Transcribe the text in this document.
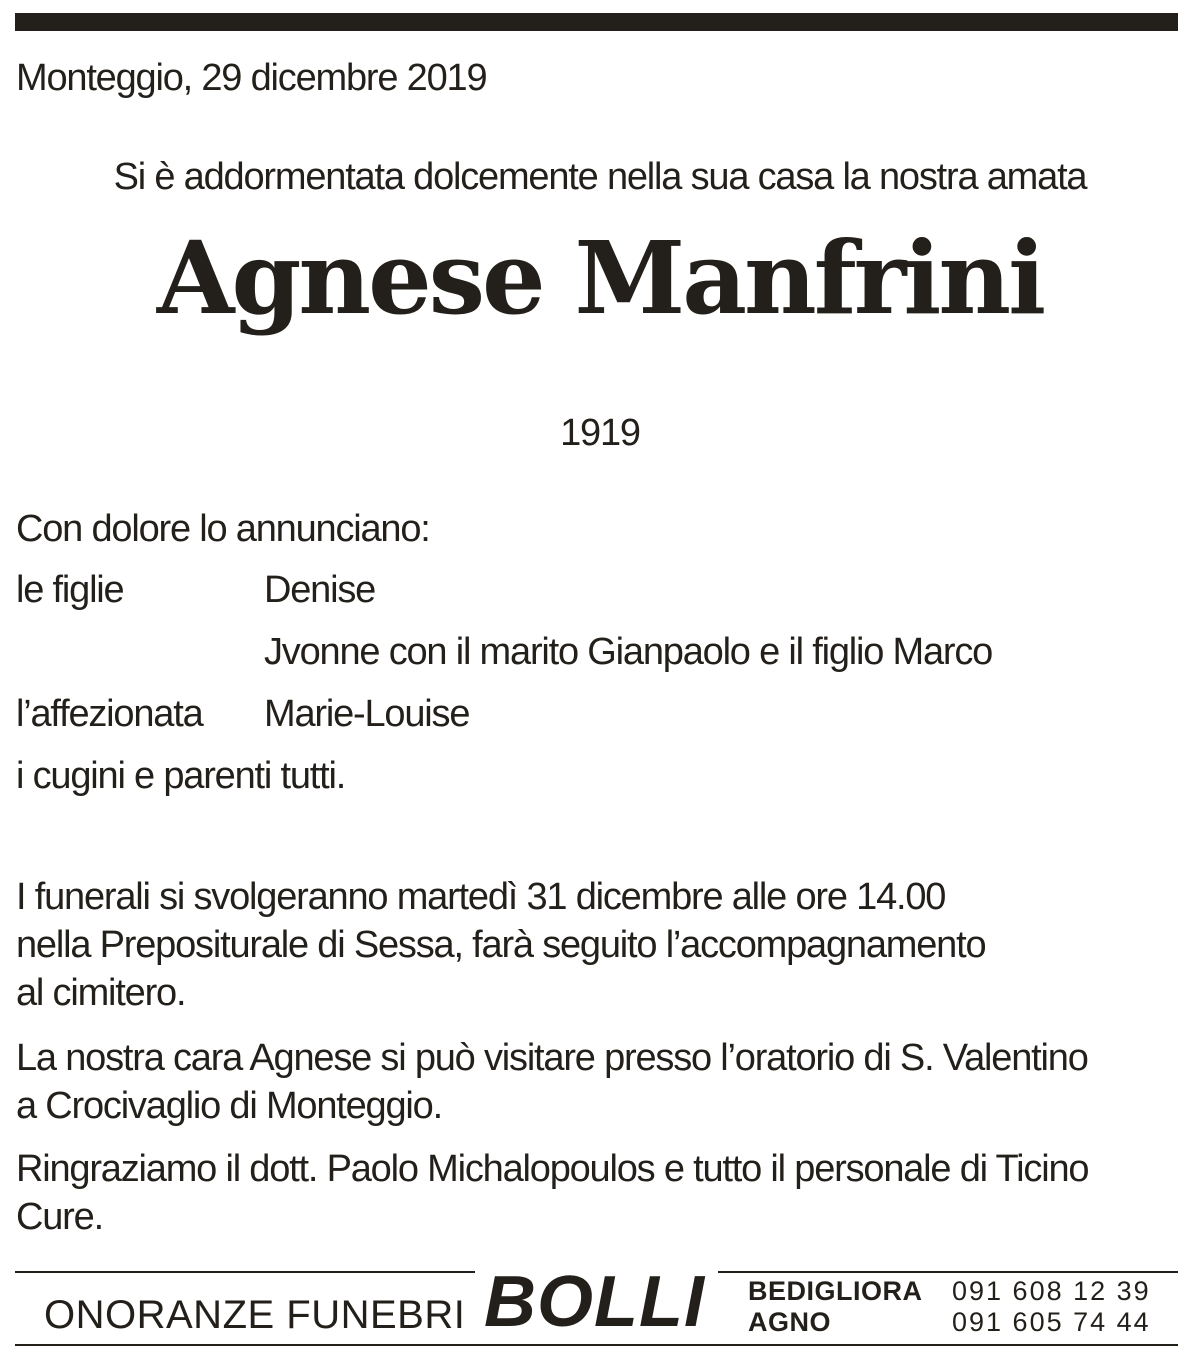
Monteggio, 29 dicembre 2019
Si è addormentata dolcemente nella sua casa la nostra amata
Agnese Manfrini
1919
Con dolore lo annunciano:
le figlie	Denise
Jvonne con il marito Gianpaolo e il figlio Marco
l’affezionata Marie-Louise
i cugini e parenti tutti.
I funerali si svolgeranno martedì 31 dicembre alle ore 14.00
nella Prepositurale di Sessa, farà seguito l’accompagnamento
al cimitero.
La nostra cara Agnese si può visitare presso l’oratorio di S. Valentino
a Crocivaglio di Monteggio.
Ringraziamo il dott. Paolo Michalopoulos e tutto il personale di Ticino
Cure.
ONORANZE FUNEBRI BOLLI BEDIGLIORA 091 608 12 39
AGNO	091 605 74 44
